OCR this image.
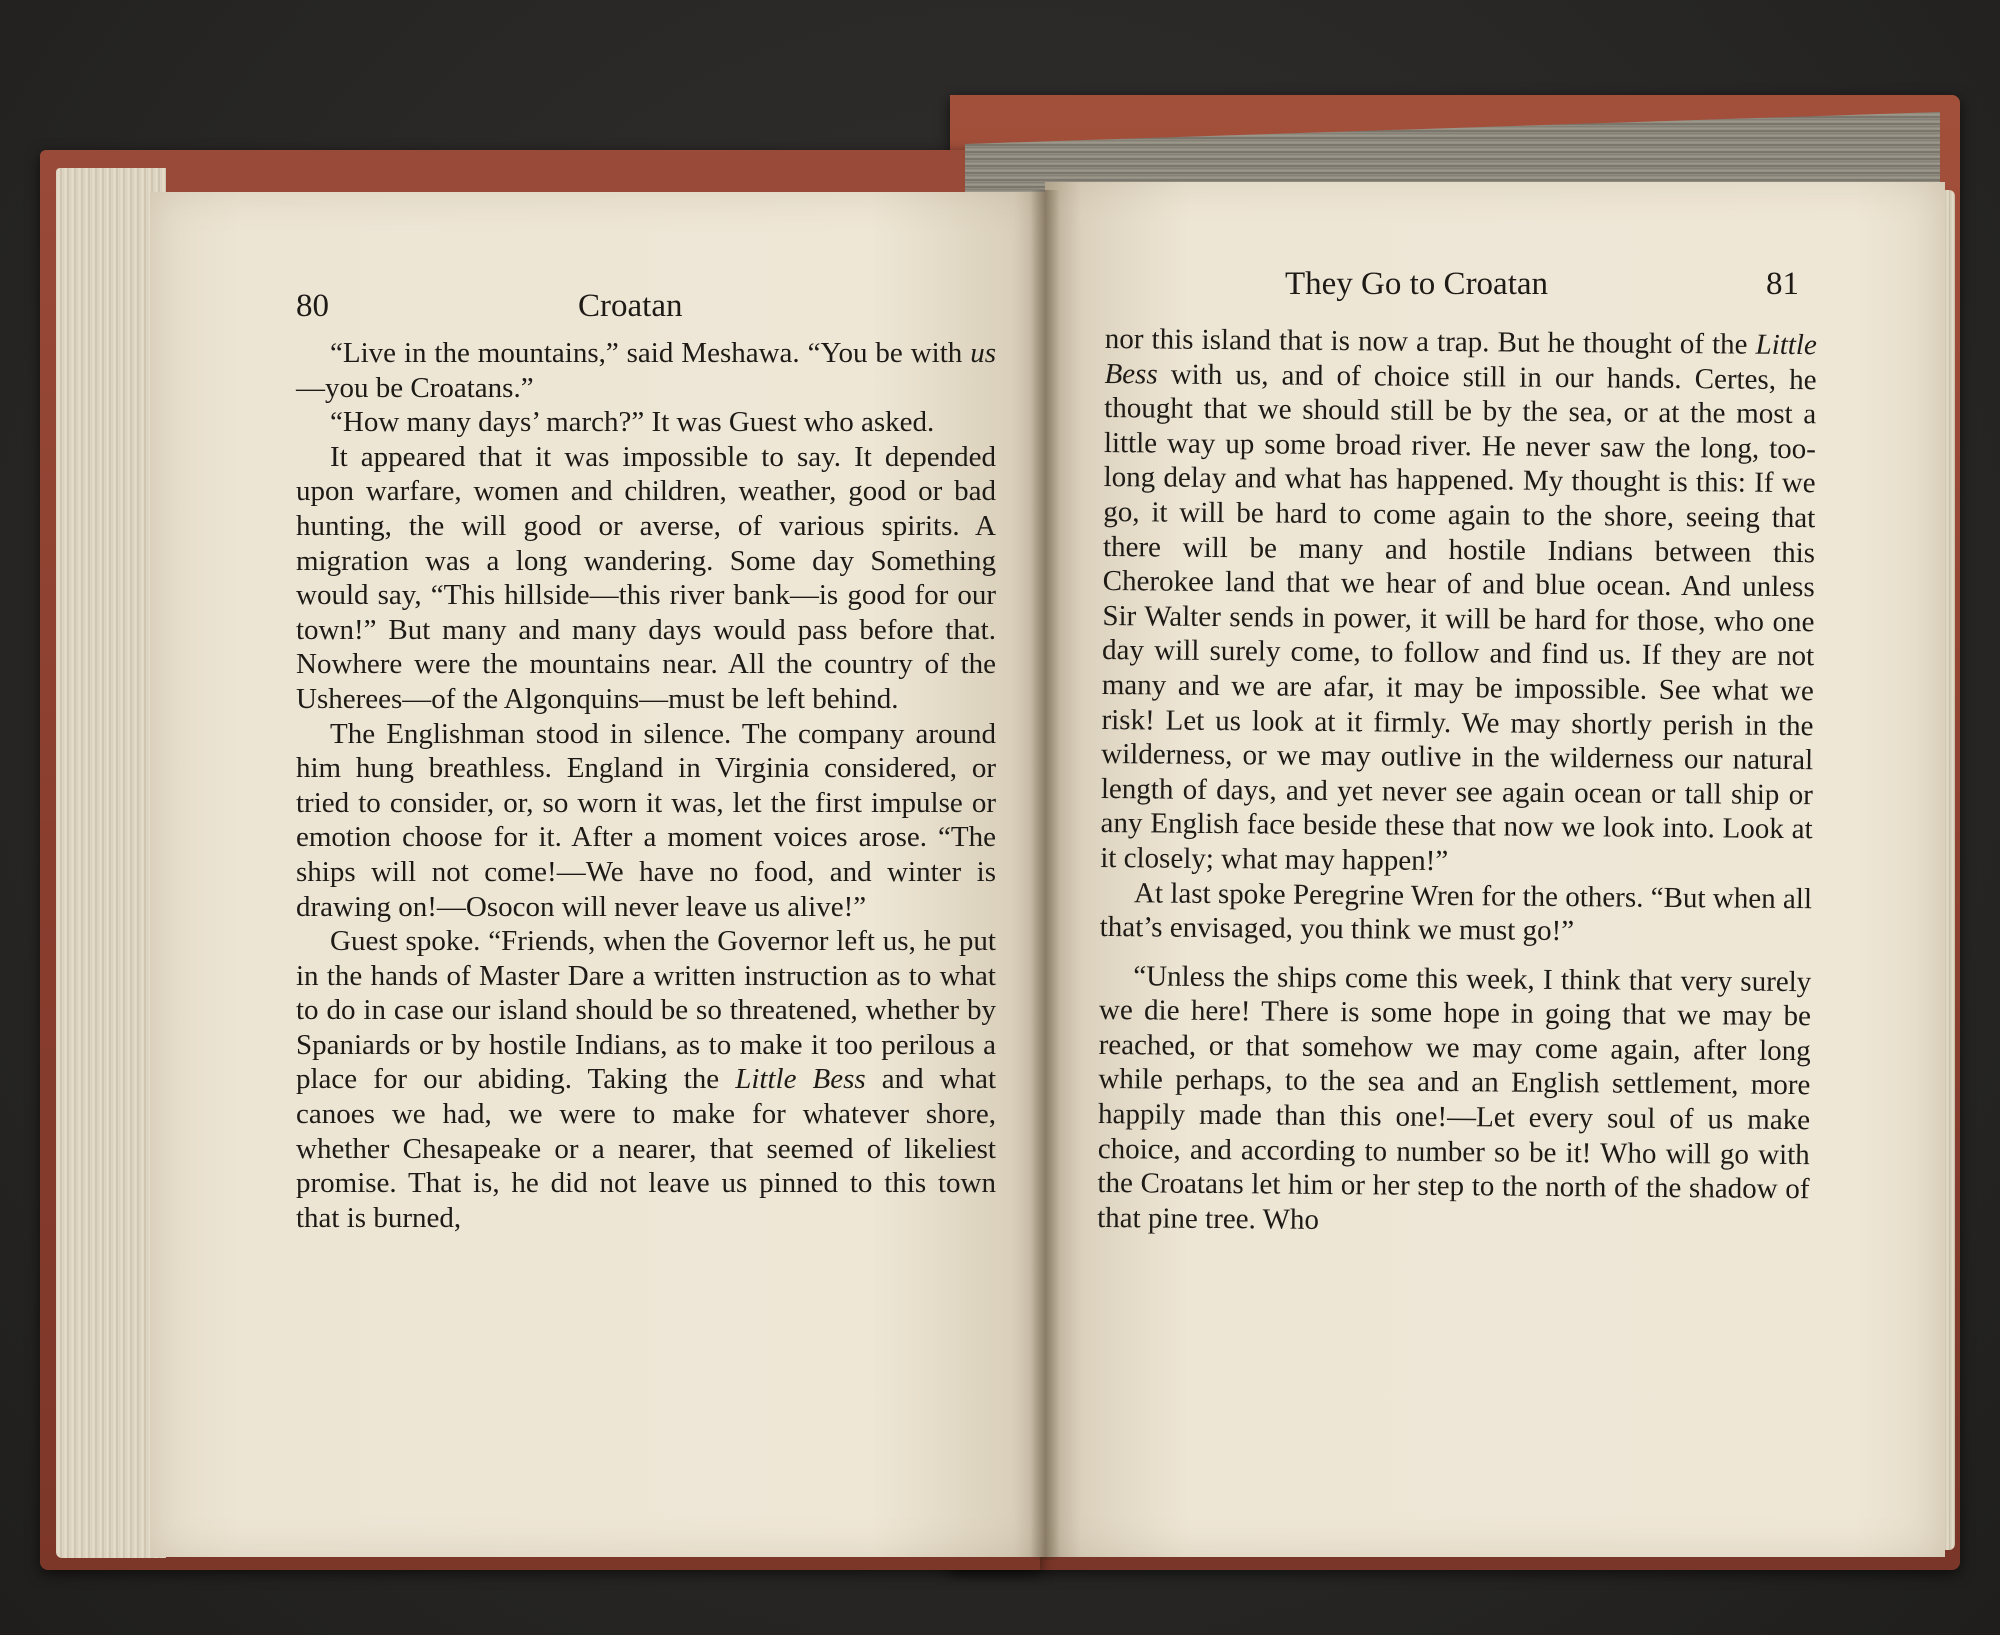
80	Croatan

“Live in the mountains,” said Meshawa. “You be with us—you be Croatans.”

“How many days’ march?” It was Guest who asked.

It appeared that it was impossible to say. It depended upon warfare, women and children, weather, good or bad hunting, the will good or averse, of various spirits. A migration was a long wandering. Some day Something would say, “This hillside—this river bank—is good for our town!” But many and many days would pass before that. Nowhere were the mountains near. All the country of the Usherees—of the Algonquins—must be left behind.

The Englishman stood in silence. The company around him hung breathless. England in Virginia considered, or tried to consider, or, so worn it was, let the first impulse or emotion choose for it. After a moment voices arose. “The ships will not come!—We have no food, and winter is drawing on!—Osocon will never leave us alive!”

Guest spoke. “Friends, when the Governor left us, he put in the hands of Master Dare a written instruction as to what to do in case our island should be so threatened, whether by Spaniards or by hostile Indians, as to make it too perilous a place for our abiding. Taking the Little Bess and what canoes we had, we were to make for whatever shore, whether Chesapeake or a nearer, that seemed of likeliest promise. That is, he did not leave us pinned to this town that is burned,

They Go to Croatan	81

nor this island that is now a trap. But he thought of the Little Bess with us, and of choice still in our hands. Certes, he thought that we should still be by the sea, or at the most a little way up some broad river. He never saw the long, too-long delay and what has happened. My thought is this: If we go, it will be hard to come again to the shore, seeing that there will be many and hostile Indians between this Cherokee land that we hear of and blue ocean. And unless Sir Walter sends in power, it will be hard for those, who one day will surely come, to follow and find us. If they are not many and we are afar, it may be impossible. See what we risk! Let us look at it firmly. We may shortly perish in the wilderness, or we may outlive in the wilderness our natural length of days, and yet never see again ocean or tall ship or any English face beside these that now we look into. Look at it closely; what may happen!”

At last spoke Peregrine Wren for the others. “But when all that’s envisaged, you think we must go!”

“Unless the ships come this week, I think that very surely we die here! There is some hope in going that we may be reached, or that somehow we may come again, after long while perhaps, to the sea and an English settlement, more happily made than this one!—Let every soul of us make choice, and according to number so be it! Who will go with the Croatans let him or her step to the north of the shadow of that pine tree. Who
